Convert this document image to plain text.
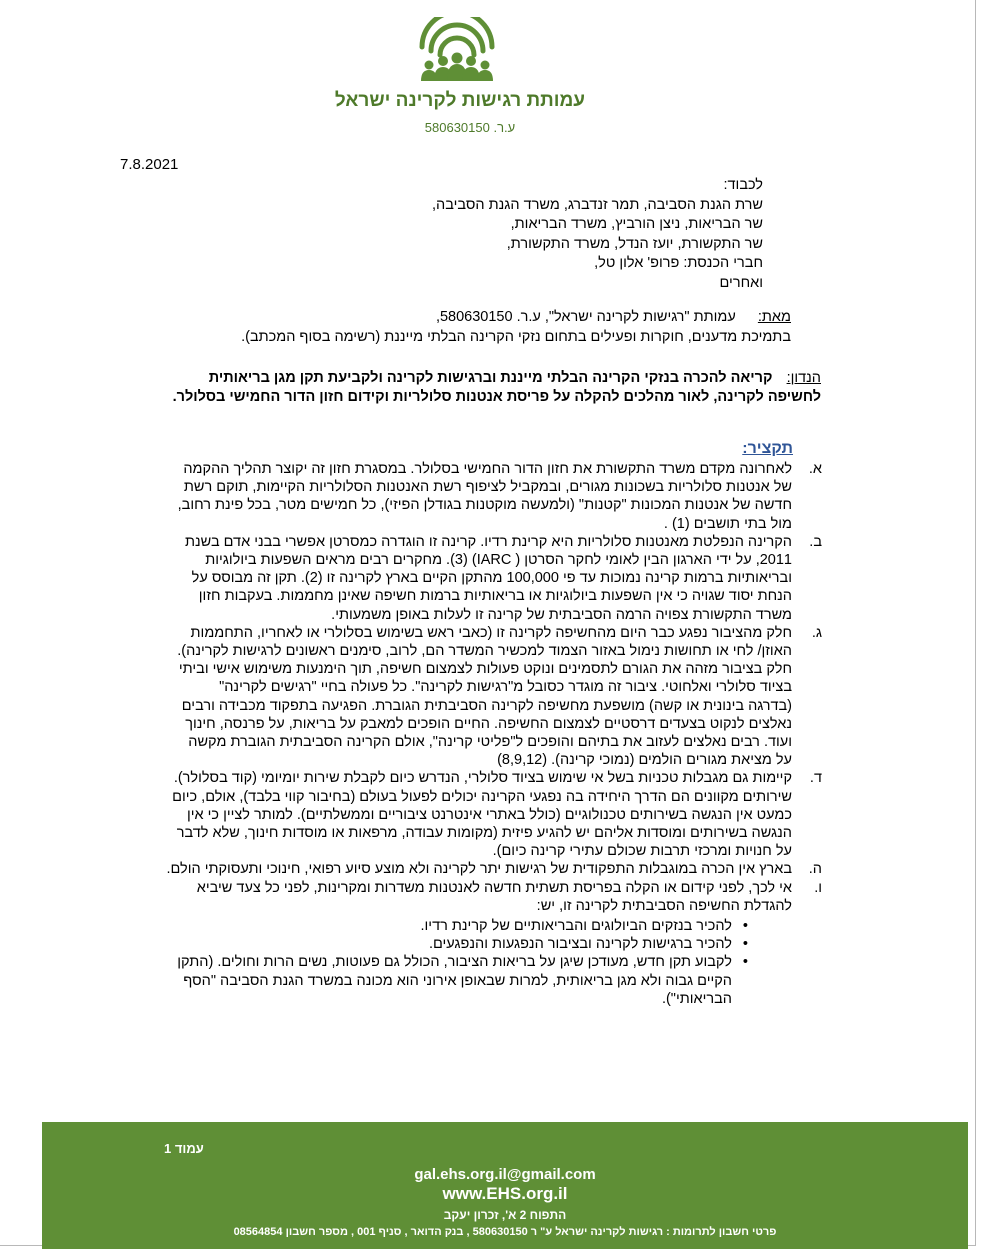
עמותת רגישות לקרינה ישראל
ע.ר. 580630150
7.8.2021
לכבוד:
שרת הגנת הסביבה, תמר זנדברג, משרד הגנת הסביבה,
שר הבריאות, ניצן הורביץ, משרד הבריאות,
שר התקשורת, יועז הנדל, משרד התקשורת,
חברי הכנסת: פרופ' אלון טל,
ואחרים
מאת:  עמותת "רגישות לקרינה ישראל", ע.ר. 580630150,
בתמיכת מדענים, חוקרות ופעילים בתחום נזקי הקרינה הבלתי מייננת (רשימה בסוף המכתב).
הנדון:  קריאה להכרה בנזקי הקרינה הבלתי מייננת וברגישות לקרינה ולקביעת תקן מגן בריאותית
לחשיפה לקרינה, לאור מהלכים להקלה על פריסת אנטנות סלולריות וקידום חזון הדור החמישי בסלולר.
תקציר:
א.
לאחרונה מקדם משרד התקשורת את חזון הדור החמישי בסלולר. במסגרת חזון זה יקוצר תהליך ההקמה
של אנטנות סלולריות בשכונות מגורים, ובמקביל לציפוף רשת האנטנות הסלולריות הקיימות, תוקם רשת
חדשה של אנטנות המכונות "קטנות" (ולמעשה מוקטנות בגודלן הפיזי), כל חמישים מטר, בכל פינת רחוב,
מול בתי תושבים (1) .
ב.
הקרינה הנפלטת מאנטנות סלולריות היא קרינת רדיו. קרינה זו הוגדרה כמסרטן אפשרי בבני אדם בשנת
2011, על ידי הארגון הבין לאומי לחקר הסרטן ( IARC) (3). מחקרים רבים מראים השפעות ביולוגיות
ובריאותיות ברמות קרינה נמוכות עד פי 100,000 מהתקן הקיים בארץ לקרינה זו (2). תקן זה מבוסס על
הנחת יסוד שגויה כי אין השפעות ביולוגיות או בריאותיות ברמות חשיפה שאינן מחממות. בעקבות חזון
משרד התקשורת צפויה הרמה הסביבתית של קרינה זו לעלות באופן משמעותי.
ג.
חלק מהציבור נפגע כבר היום מהחשיפה לקרינה זו (כאבי ראש בשימוש בסלולרי או לאחריו, התחממות
האוזן/ לחי או תחושות נימול באזור הצמוד למכשיר המשדר הם, לרוב, סימנים ראשונים לרגישות לקרינה).
חלק בציבור מזהה את הגורם לתסמינים ונוקט פעולות לצמצום חשיפה, תוך הימנעות משימוש אישי וביתי
בציוד סלולרי ואלחוטי. ציבור זה מוגדר כסובל מ"רגישות לקרינה". כל פעולה בחיי "רגישים לקרינה"
(בדרגה בינונית או קשה) מושפעת מחשיפה לקרינה הסביבתית הגוברת. הפגיעה בתפקוד מכבידה ורבים
נאלצים לנקוט בצעדים דרסטיים לצמצום החשיפה. החיים הופכים למאבק על בריאות, על פרנסה, חינוך
ועוד. רבים נאלצים לעזוב את בתיהם והופכים ל"פליטי קרינה", אולם הקרינה הסביבתית הגוברת מקשה
על מציאת מגורים הולמים (נמוכי קרינה). (8,9,12)
ד.
קיימות גם מגבלות טכניות בשל אי שימוש בציוד סלולרי, הנדרש כיום לקבלת שירות יומיומי (קוד בסלולר).
שירותים מקוונים הם הדרך היחידה בה נפגעי הקרינה יכולים לפעול בעולם (בחיבור קווי בלבד), אולם, כיום
כמעט אין הנגשה בשירותים טכנולוגיים (כולל באתרי אינטרנט ציבוריים וממשלתיים). למותר לציין כי אין
הנגשה בשירותים ומוסדות אליהם יש להגיע פיזית (מקומות עבודה, מרפאות או מוסדות חינוך, שלא לדבר
על חנויות ומרכזי תרבות שכולם עתירי קרינה כיום).
ה.
בארץ אין הכרה במוגבלות התפקודית של רגישות יתר לקרינה ולא מוצע סיוע רפואי, חינוכי ותעסוקתי הולם.
ו.
אי לכך, לפני קידום או הקלה בפריסת תשתית חדשה לאנטנות משדרות ומקרינות, לפני כל צעד שיביא
להגדלת החשיפה הסביבתית לקרינה זו, יש:
• להכיר בנזקים הביולוגים והבריאותיים של קרינת רדיו.
• להכיר ברגישות לקרינה ובציבור הנפגעות והנפגעים.
• לקבוע תקן חדש, מעודכן שיגן על בריאות הציבור, הכולל גם פעוטות, נשים הרות וחולים. (התקן
הקיים גבוה ולא מגן בריאותית, למרות שבאופן אירוני הוא מכונה במשרד הגנת הסביבה "הסף
הבריאותי").
עמוד 1
gal.ehs.org.il@gmail.com
www.EHS.org.il
התפוח 2 א', זכרון יעקב
פרטי חשבון לתרומות : רגישות לקרינה ישראל ע" ר 580630150 , בנק הדואר , סניף 001 , מספר חשבון 08564854
